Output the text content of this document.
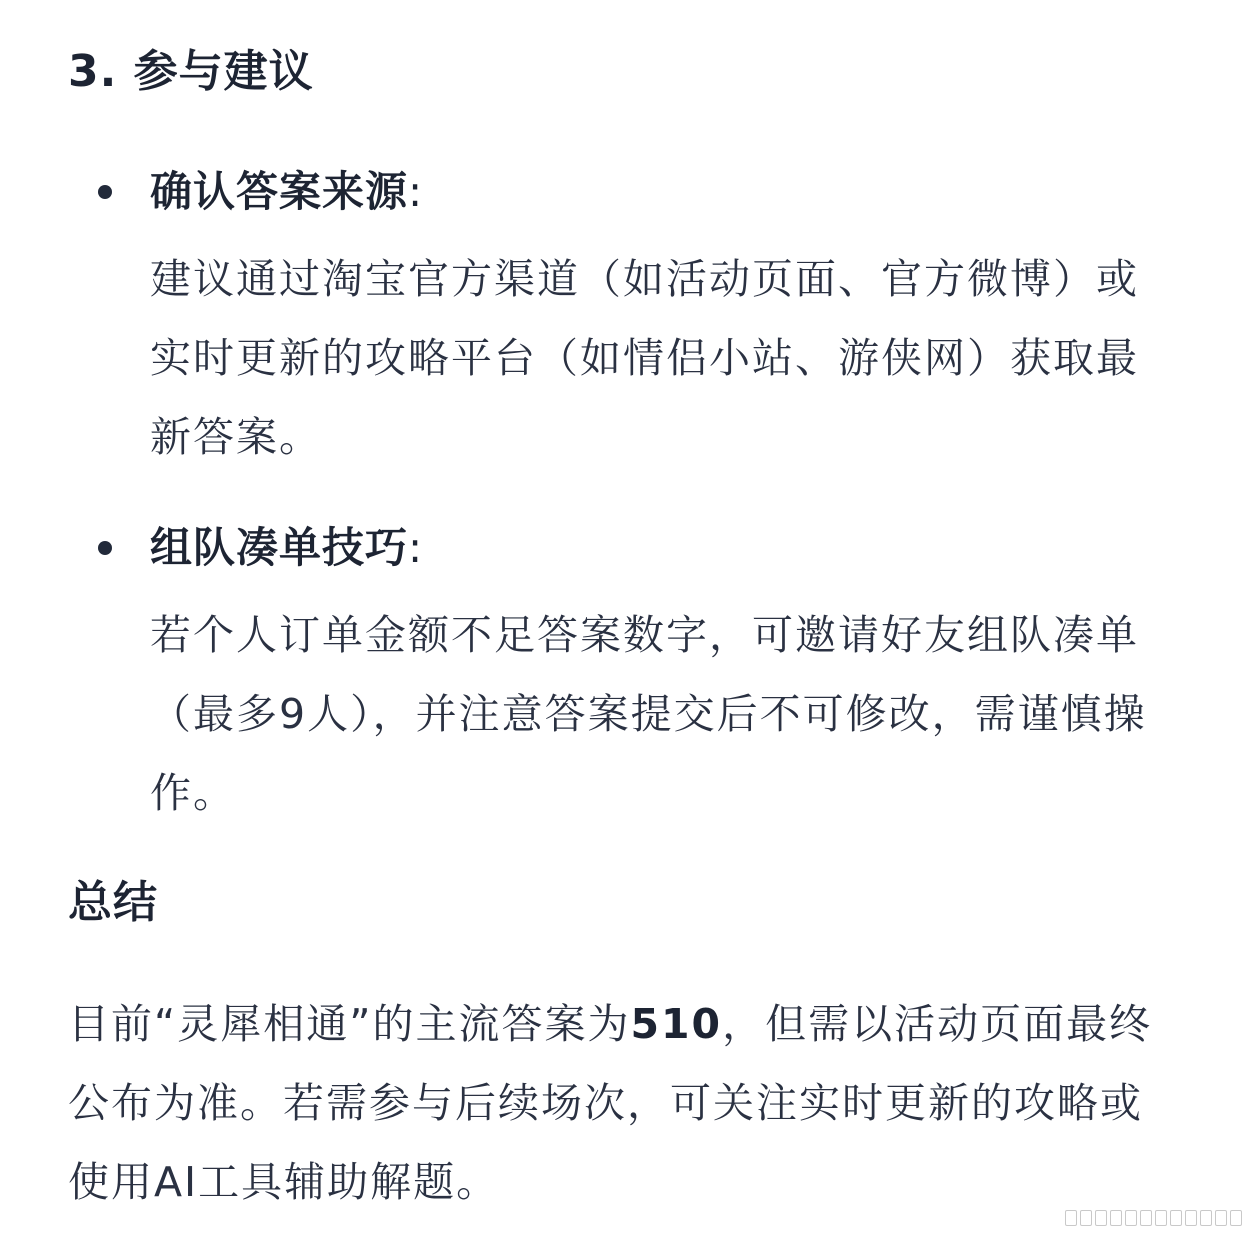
3. 参与建议
确认答案来源:
建议通过淘宝官方渠道（如活动页面、官方微博）或实时更新的攻略平台（如情侣小站、游侠网）获取最新答案。
组队凑单技巧:
若个人订单金额不足答案数字，可邀请好友组队凑单（最多9人），并注意答案提交后不可修改，需谨慎操作。
总结

目前“灵犀相通”的主流答案为510，但需以活动页面最终公布为准。若需参与后续场次，可关注实时更新的攻略或使用AI工具辅助解题。
